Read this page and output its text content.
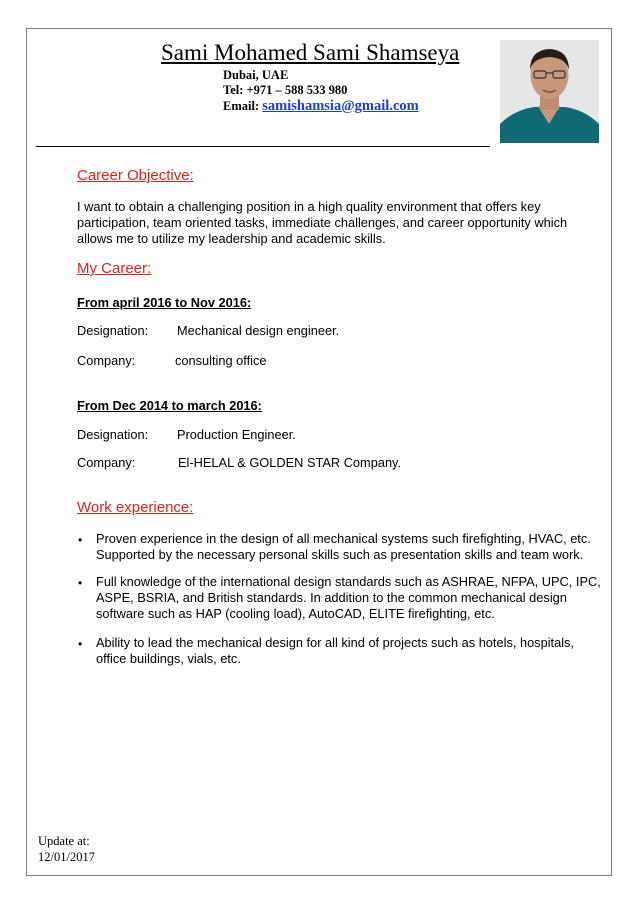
Sami Mohamed Sami Shamseya
Dubai, UAE
Tel: +971 – 588 533 980
Email: samishamsia@gmail.com
Career Objective:
I want to obtain a challenging position in a high quality environment that offers key participation, team oriented tasks, immediate challenges, and career opportunity which allows me to utilize my leadership and academic skills.
My Career:
From april 2016 to Nov 2016:
Designation: Mechanical design engineer.
Company:	consulting office
From Dec 2014 to march 2016:
Designation: Production Engineer.
Company:	El-HELAL & GOLDEN STAR Company.
Work experience:
• Proven experience in the design of all mechanical systems such firefighting, HVAC, etc. Supported by the necessary personal skills such as presentation skills and team work.
• Full knowledge of the international design standards such as ASHRAE, NFPA, UPC, IPC, ASPE, BSRIA, and British standards. In addition to the common mechanical design software such as HAP (cooling load), AutoCAD, ELITE firefighting, etc.
• Ability to lead the mechanical design for all kind of projects such as hotels, hospitals, office buildings, vials, etc.
Update at:
12/01/2017
